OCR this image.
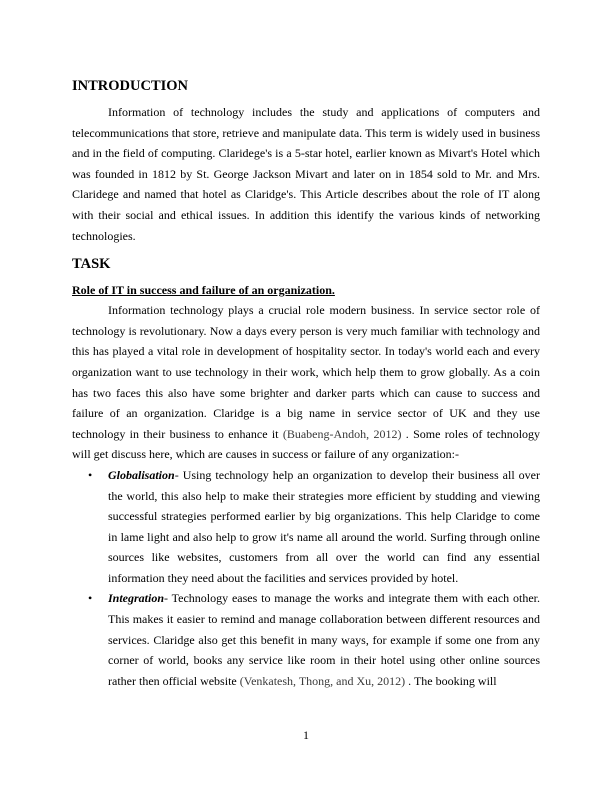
INTRODUCTION

Information of technology includes the study and applications of computers and telecommunications that store, retrieve and manipulate data. This term is widely used in business and in the field of computing. Claridege's is a 5-star hotel, earlier known as Mivart's Hotel which was founded in 1812 by St. George Jackson Mivart and later on in 1854 sold to Mr. and Mrs. Claridege and named that hotel as Claridge's. This Article describes about the role of IT along with their social and ethical issues. In addition this identify the various kinds of networking technologies.

TASK
Role of IT in success and failure of an organization.

Information technology plays a crucial role modern business. In service sector role of technology is revolutionary. Now a days every person is very much familiar with technology and this has played a vital role in development of hospitality sector. In today's world each and every organization want to use technology in their work, which help them to grow globally. As a coin has two faces this also have some brighter and darker parts which can cause to success and failure of an organization. Claridge is a big name in service sector of UK and they use technology in their business to enhance it (Buabeng-Andoh, 2012) . Some roles of technology will get discuss here, which are causes in success or failure of any organization:-

• Globalisation- Using technology help an organization to develop their business all over the world, this also help to make their strategies more efficient by studding and viewing successful strategies performed earlier by big organizations. This help Claridge to come in lame light and also help to grow it's name all around the world. Surfing through online sources like websites, customers from all over the world can find any essential information they need about the facilities and services provided by hotel.
• Integration- Technology eases to manage the works and integrate them with each other. This makes it easier to remind and manage collaboration between different resources and services. Claridge also get this benefit in many ways, for example if some one from any corner of world, books any service like room in their hotel using other online sources rather then official website (Venkatesh, Thong, and Xu, 2012) . The booking will
1
